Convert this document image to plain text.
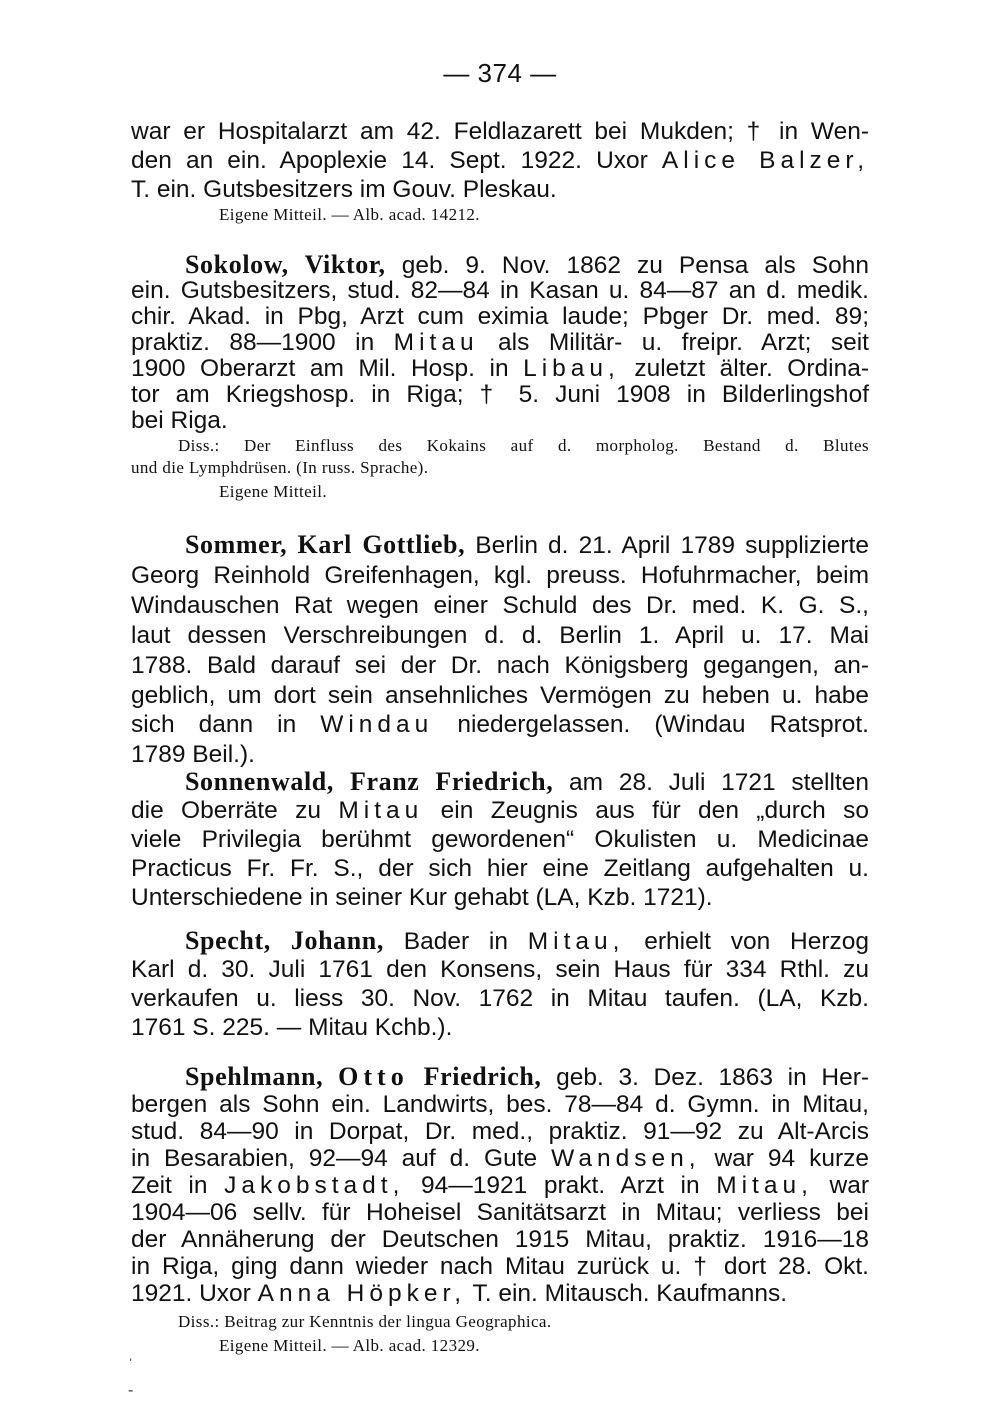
— 374 —
war er Hospitalarzt am 42. Feldlazarett bei Mukden; † in Wen-
den an ein. Apoplexie 14. Sept. 1922. Uxor Alice Balzer,
T. ein. Gutsbesitzers im Gouv. Pleskau.
Eigene Mitteil. — Alb. acad. 14212.
Sokolow, Viktor, geb. 9. Nov. 1862 zu Pensa als Sohn
ein. Gutsbesitzers, stud. 82—84 in Kasan u. 84—87 an d. medik.
chir. Akad. in Pbg, Arzt cum eximia laude; Pbger Dr. med. 89;
praktiz. 88—1900 in Mitau als Militär- u. freipr. Arzt; seit
1900 Oberarzt am Mil. Hosp. in Libau, zuletzt älter. Ordina-
tor am Kriegshosp. in Riga; † 5. Juni 1908 in Bilderlingshof
bei Riga.
Diss.: Der Einfluss des Kokains auf d. morpholog. Bestand d. Blutes
und die Lymphdrüsen. (In russ. Sprache).
Eigene Mitteil.
Sommer, Karl Gottlieb, Berlin d. 21. April 1789 supplizierte
Georg Reinhold Greifenhagen, kgl. preuss. Hofuhrmacher, beim
Windauschen Rat wegen einer Schuld des Dr. med. K. G. S.,
laut dessen Verschreibungen d. d. Berlin 1. April u. 17. Mai
1788. Bald darauf sei der Dr. nach Königsberg gegangen, an-
geblich, um dort sein ansehnliches Vermögen zu heben u. habe
sich dann in Windau niedergelassen. (Windau Ratsprot.
1789 Beil.).
Sonnenwald, Franz Friedrich, am 28. Juli 1721 stellten
die Oberräte zu Mitau ein Zeugnis aus für den „durch so
viele Privilegia berühmt gewordenen“ Okulisten u. Medicinae
Practicus Fr. Fr. S., der sich hier eine Zeitlang aufgehalten u.
Unterschiedene in seiner Kur gehabt (LA, Kzb. 1721).
Specht, Johann, Bader in Mitau, erhielt von Herzog
Karl d. 30. Juli 1761 den Konsens, sein Haus für 334 Rthl. zu
verkaufen u. liess 30. Nov. 1762 in Mitau taufen. (LA, Kzb.
1761 S. 225. — Mitau Kchb.).
Spehlmann, Otto Friedrich, geb. 3. Dez. 1863 in Her-
bergen als Sohn ein. Landwirts, bes. 78—84 d. Gymn. in Mitau,
stud. 84—90 in Dorpat, Dr. med., praktiz. 91—92 zu Alt-Arcis
in Besarabien, 92—94 auf d. Gute Wandsen, war 94 kurze
Zeit in Jakobstadt, 94—1921 prakt. Arzt in Mitau, war
1904—06 sellv. für Hoheisel Sanitätsarzt in Mitau; verliess bei
der Annäherung der Deutschen 1915 Mitau, praktiz. 1916—18
in Riga, ging dann wieder nach Mitau zurück u. † dort 28. Okt.
1921. Uxor Anna Höpker, T. ein. Mitausch. Kaufmanns.
Diss.: Beitrag zur Kenntnis der lingua Geographica.
Eigene Mitteil. — Alb. acad. 12329.
ˈ
-
